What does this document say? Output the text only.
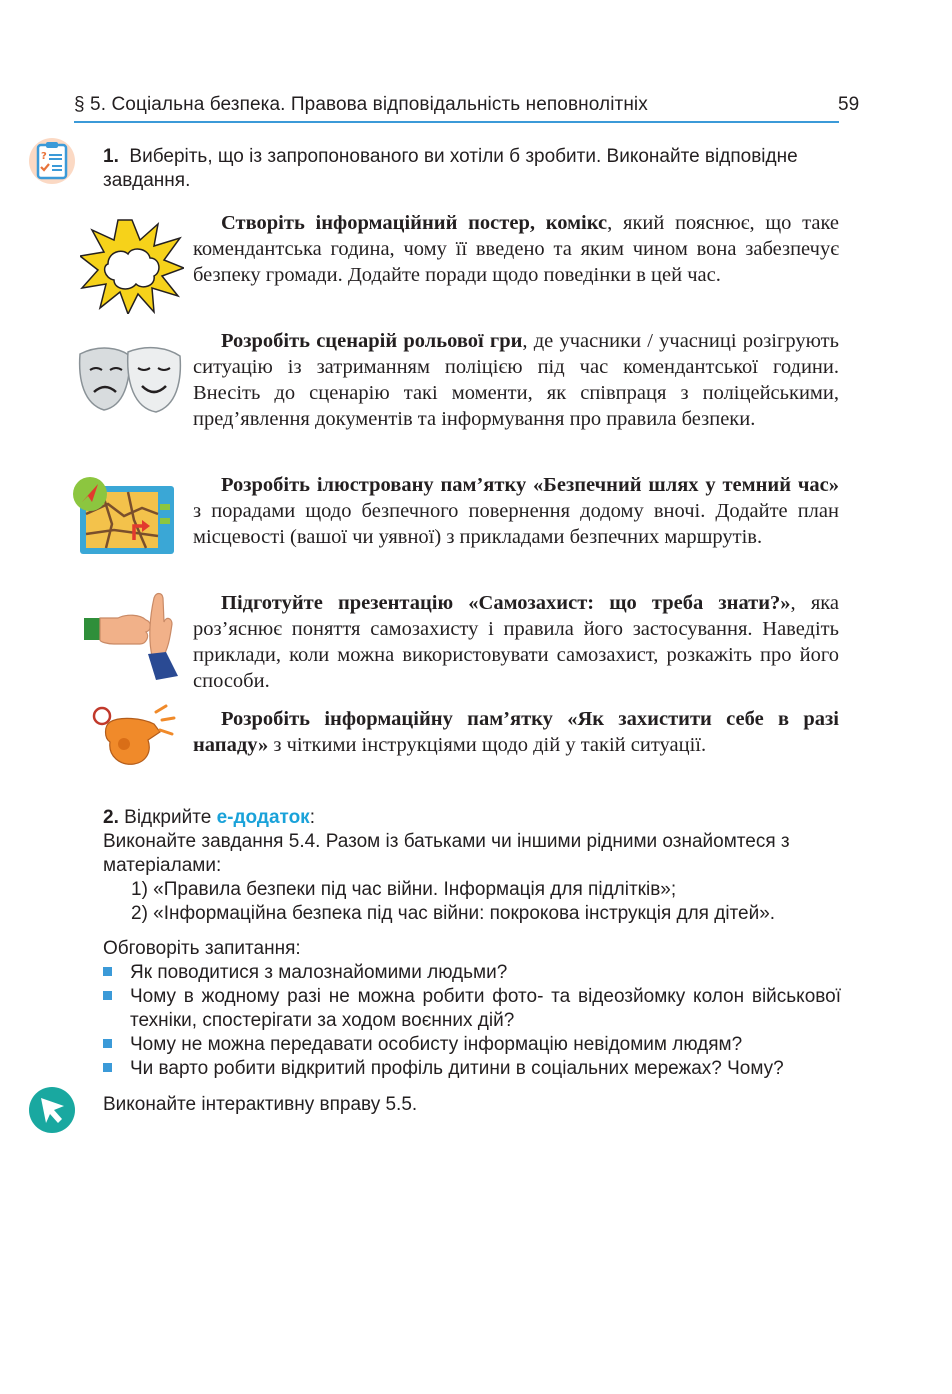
§ 5. Соціальна безпека. Правова відповідальність неповнолітніх	59
?	1. Виберіть, що із запропонованого ви хотіли б зробити. Виконайте відповідне завдання.
Створіть інформаційний постер, комікс, який пояснює, що таке комендантська година, чому її введено та яким чином вона забезпечує безпеку громади. Додайте поради щодо поведінки в цей час.
Розробіть сценарій рольової гри, де учасники / учасниці розігрують ситуацію із затриманням поліцією під час комендантської години. Внесіть до сценарію такі моменти, як співпраця з поліцейськими, пред’явлення документів та інформування про правила безпеки.
Розробіть ілюстровану пам’ятку «Безпечний шлях у темний час» з порадами щодо безпечного повернення додому вночі. Додайте план місцевості (вашої чи уявної) з прикладами безпечних маршрутів.
Підготуйте презентацію «Самозахист: що треба знати?», яка роз’яснює поняття самозахисту і правила його застосування. Наведіть приклади, коли можна використовувати самозахист, розкажіть про його способи.
Розробіть інформаційну пам’ятку «Як захистити себе в разі нападу» з чіткими інструкціями щодо дій у такій ситуації.

2. Відкрийте е-додаток:

Виконайте завдання 5.4. Разом із батьками чи іншими рідними ознайомтеся з матеріалами:

1) «Правила безпеки під час війни. Інформація для підлітків»;

2) «Інформаційна безпека під час війни: покрокова інструкція для дітей».

Обговоріть запитання:
Як поводитися з малознайомими людьми?
Чому в жодному разі не можна робити фото- та відеозйомку колон військової техніки, спостерігати за ходом воєнних дій?
Чому не можна передавати особисту інформацію невідомим людям?
Чи варто робити відкритий профіль дитини в соціальних мережах? Чому?
Виконайте інтерактивну вправу 5.5.
